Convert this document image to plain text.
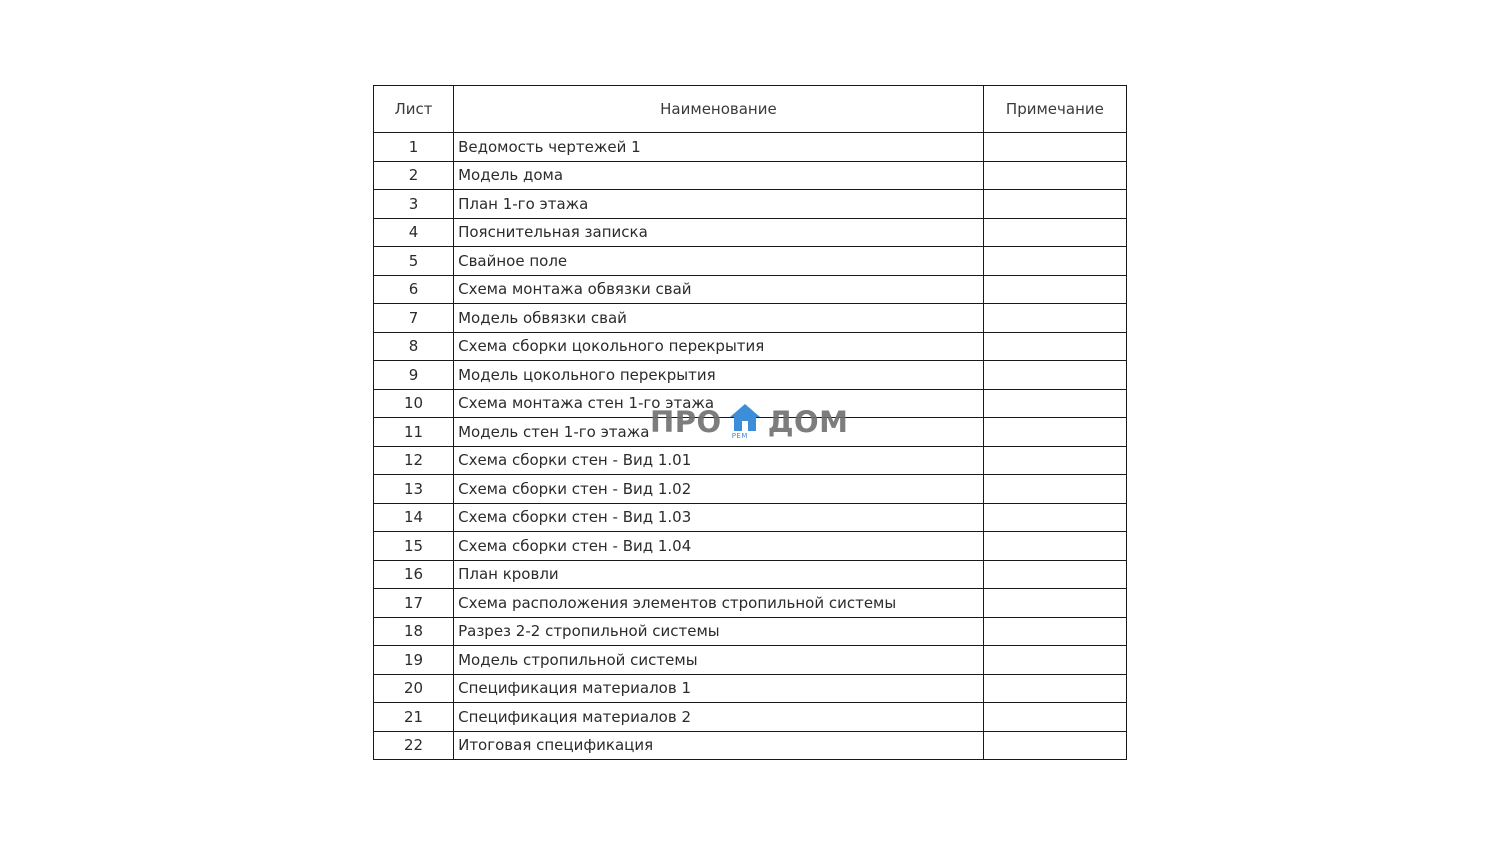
Лист	Наименование	Примечание
1	Ведомость чертежей 1	
2	Модель дома	
3	План 1-го этажа	
4	Пояснительная записка	
5	Свайное поле	
6	Схема монтажа обвязки свай	
7	Модель обвязки свай	
8	Схема сборки цокольного перекрытия	
9	Модель цокольного перекрытия	
10	Схема монтажа стен 1-го этажа	
11	Модель стен 1-го этажа	
12	Схема сборки стен - Вид 1.01	
13	Схема сборки стен - Вид 1.02	
14	Схема сборки стен - Вид 1.03	
15	Схема сборки стен - Вид 1.04	
16	План кровли	
17	Схема расположения элементов стропильной системы	
18	Разрез 2-2 стропильной системы	
19	Модель стропильной системы	
20	Спецификация материалов 1	
21	Спецификация материалов 2	
22	Итоговая спецификация	
ПРО РЕМ ДОМ
